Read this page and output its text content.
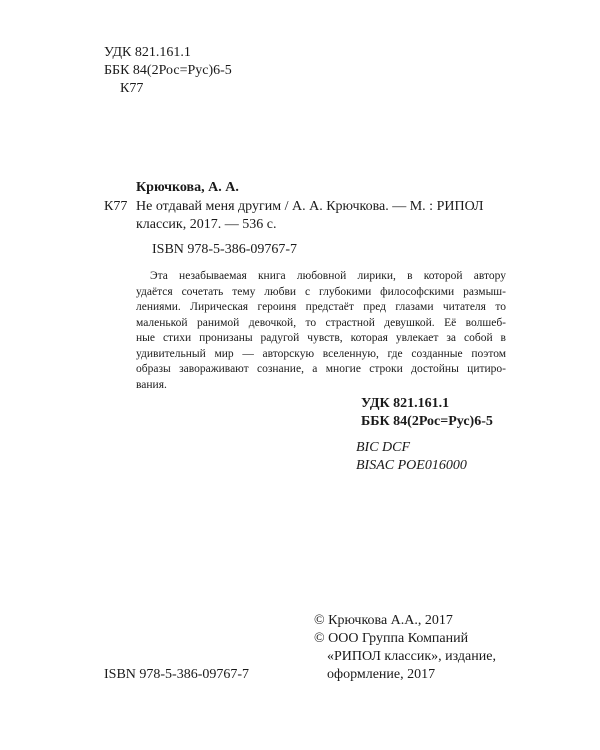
УДК 821.161.1
ББК 84(2Рос=Рус)6-5
К77
Крючкова, А. А.
К77 Не отдавай меня другим / А. А. Крючкова. — М. : РИПОЛ
классик, 2017. — 536 с.
ISBN 978-5-386-09767-7
Эта незабываемая книга любовной лирики, в которой автору
удаётся сочетать тему любви с глубокими философскими размыш-
лениями. Лирическая героиня предстаёт пред глазами читателя то
маленькой ранимой девочкой, то страстной девушкой. Её волшеб-
ные стихи пронизаны радугой чувств, которая увлекает за собой в
удивительный мир — авторскую вселенную, где созданные поэтом
образы завораживают сознание, а многие строки достойны цитиро-
вания.
УДК 821.161.1
ББК 84(2Рос=Рус)6-5
BIC DCF
BISAC POE016000
© Крючкова А.А., 2017
© ООО Группа Компаний
«РИПОЛ классик», издание,
оформление, 2017
ISBN 978-5-386-09767-7
